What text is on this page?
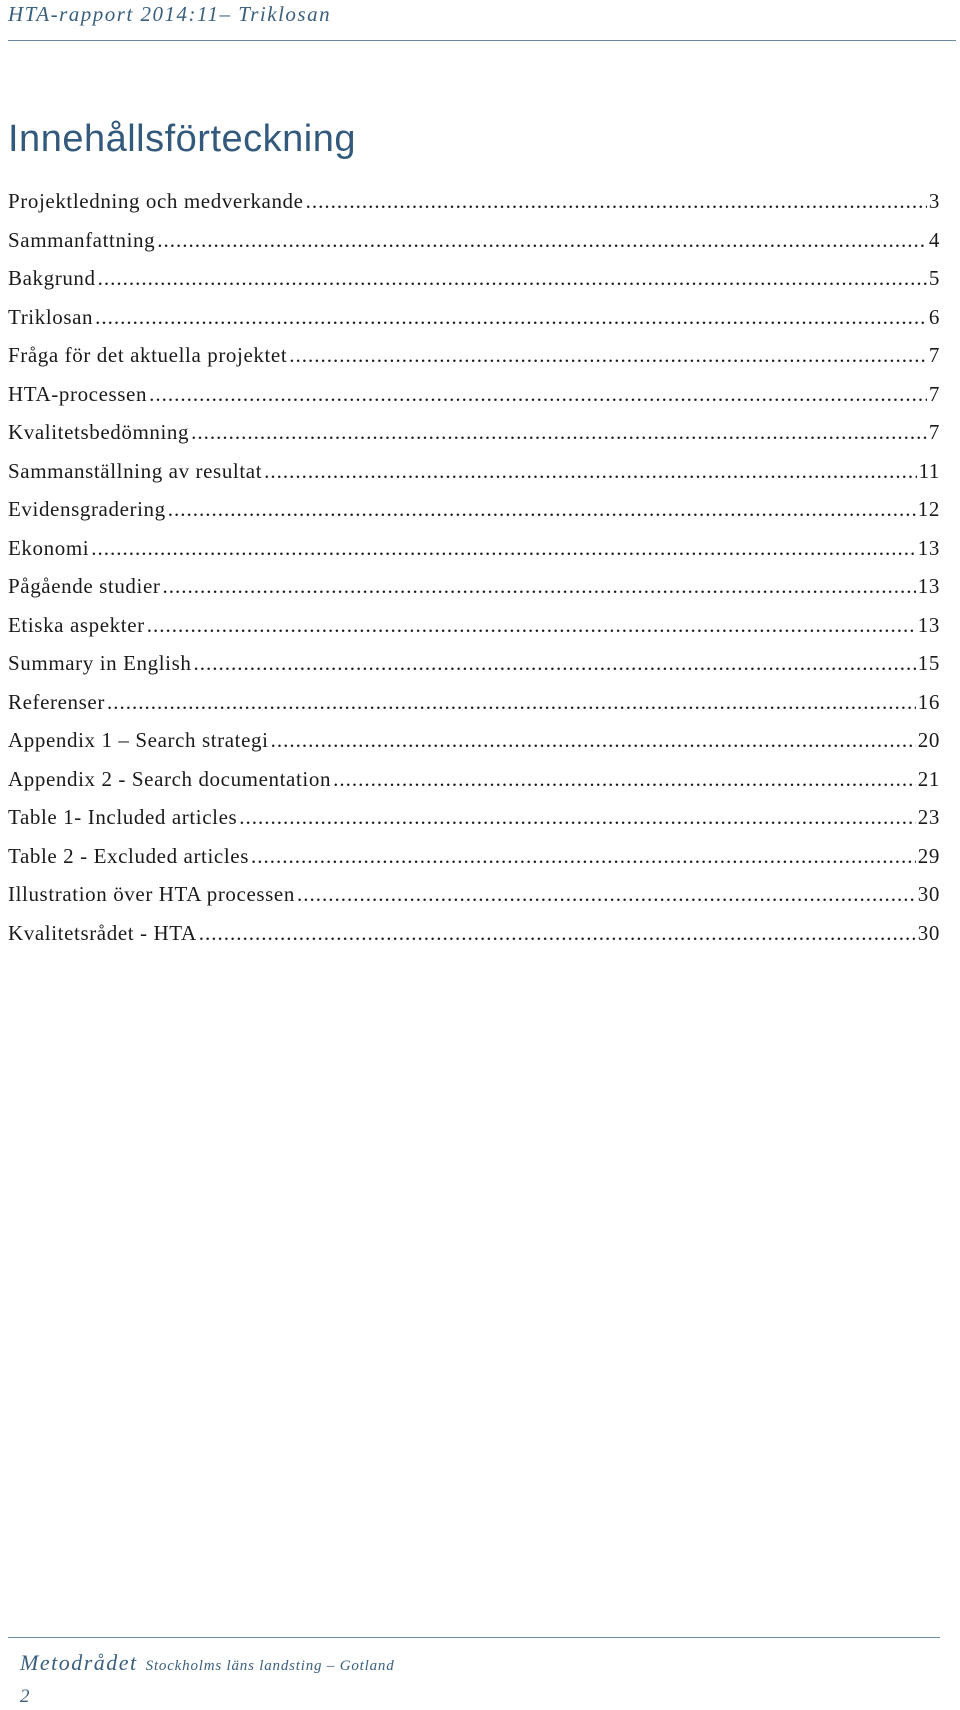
HTA-rapport 2014:11– Triklosan
Innehållsförteckning
Projektledning och medverkande .....	3
Sammanfattning .....	4
Bakgrund .....	5
Triklosan .....	6
Fråga för det aktuella projektet .....	7
HTA-processen .....	7
Kvalitetsbedömning .....	7
Sammanställning av resultat .....	11
Evidensgradering .....	12
Ekonomi .....	13
Pågående studier .....	13
Etiska aspekter .....	13
Summary in English .....	15
Referenser .....	16
Appendix 1 – Search strategi .....	20
Appendix 2 - Search documentation .....	21
Table 1- Included articles .....	23
Table 2 - Excluded articles .....	29
Illustration över HTA processen .....	30
Kvalitetsrådet - HTA .....	30
Metodrådet Stockholms läns landsting – Gotland
2
